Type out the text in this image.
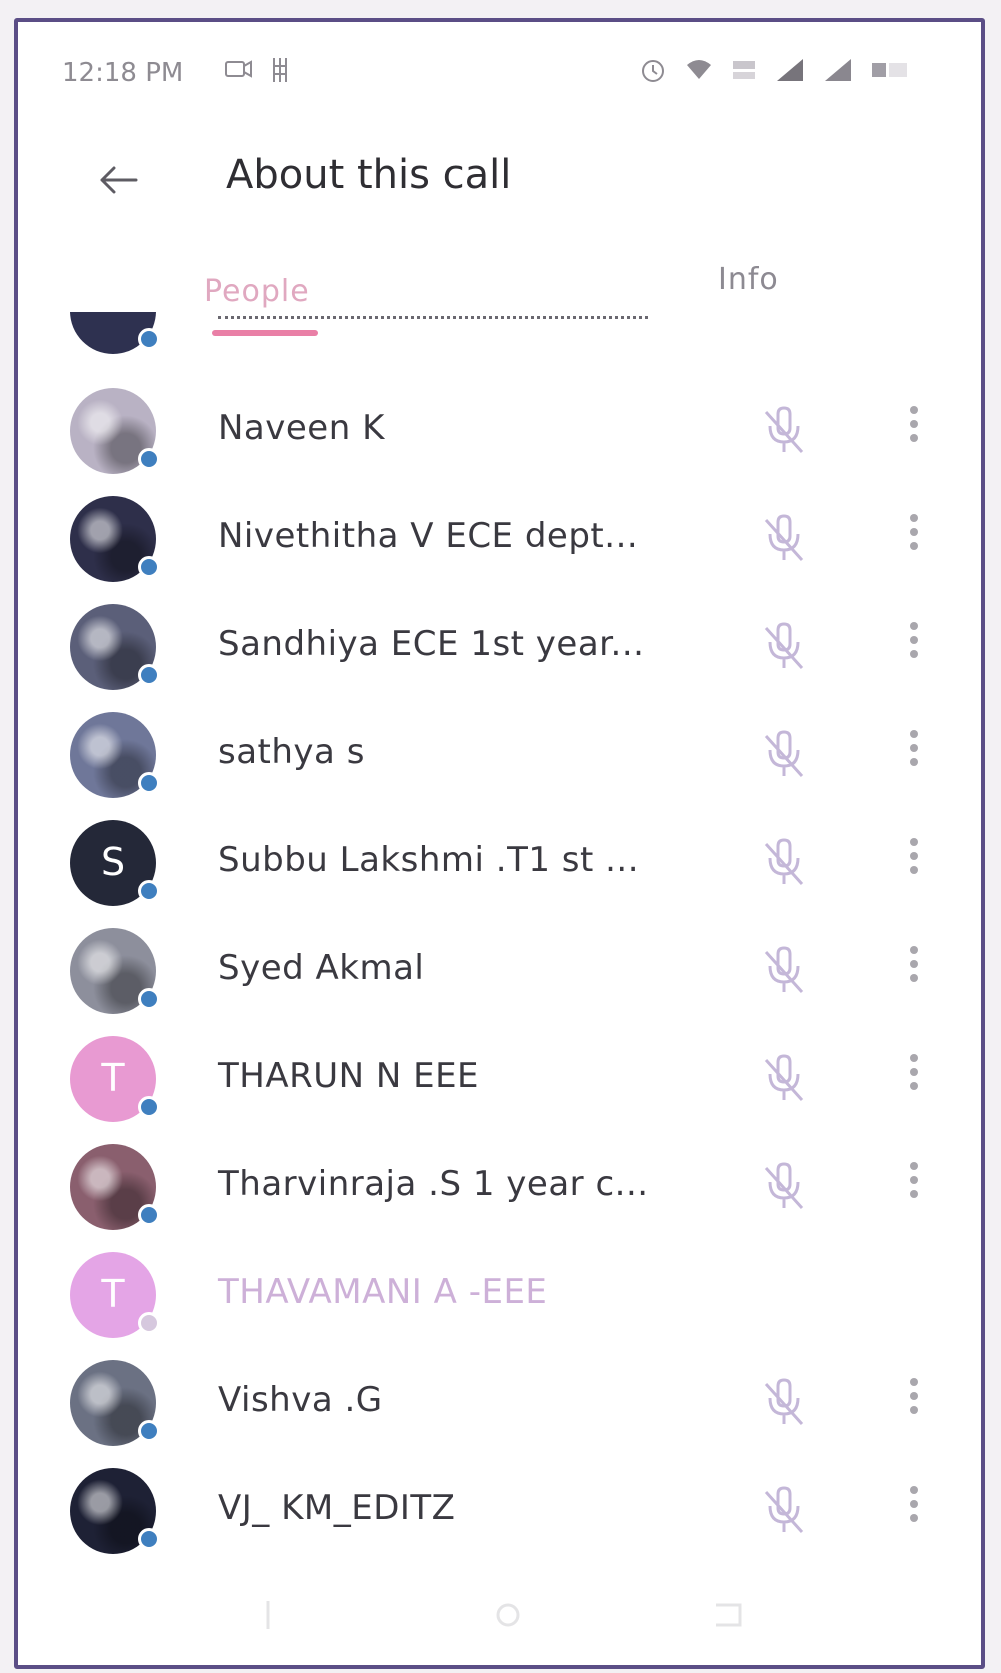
12:18 PM
About this call
People	Info
Naveen K
Nivethitha V ECE dept...
Sandhiya ECE 1st year...
sathya s
S	Subbu Lakshmi .T1 st ...
Syed Akmal
T	THARUN N EEE
Tharvinraja .S 1 year c...
T	THAVAMANI A -EEE
Vishva .G
VJ_ KM_EDITZ
